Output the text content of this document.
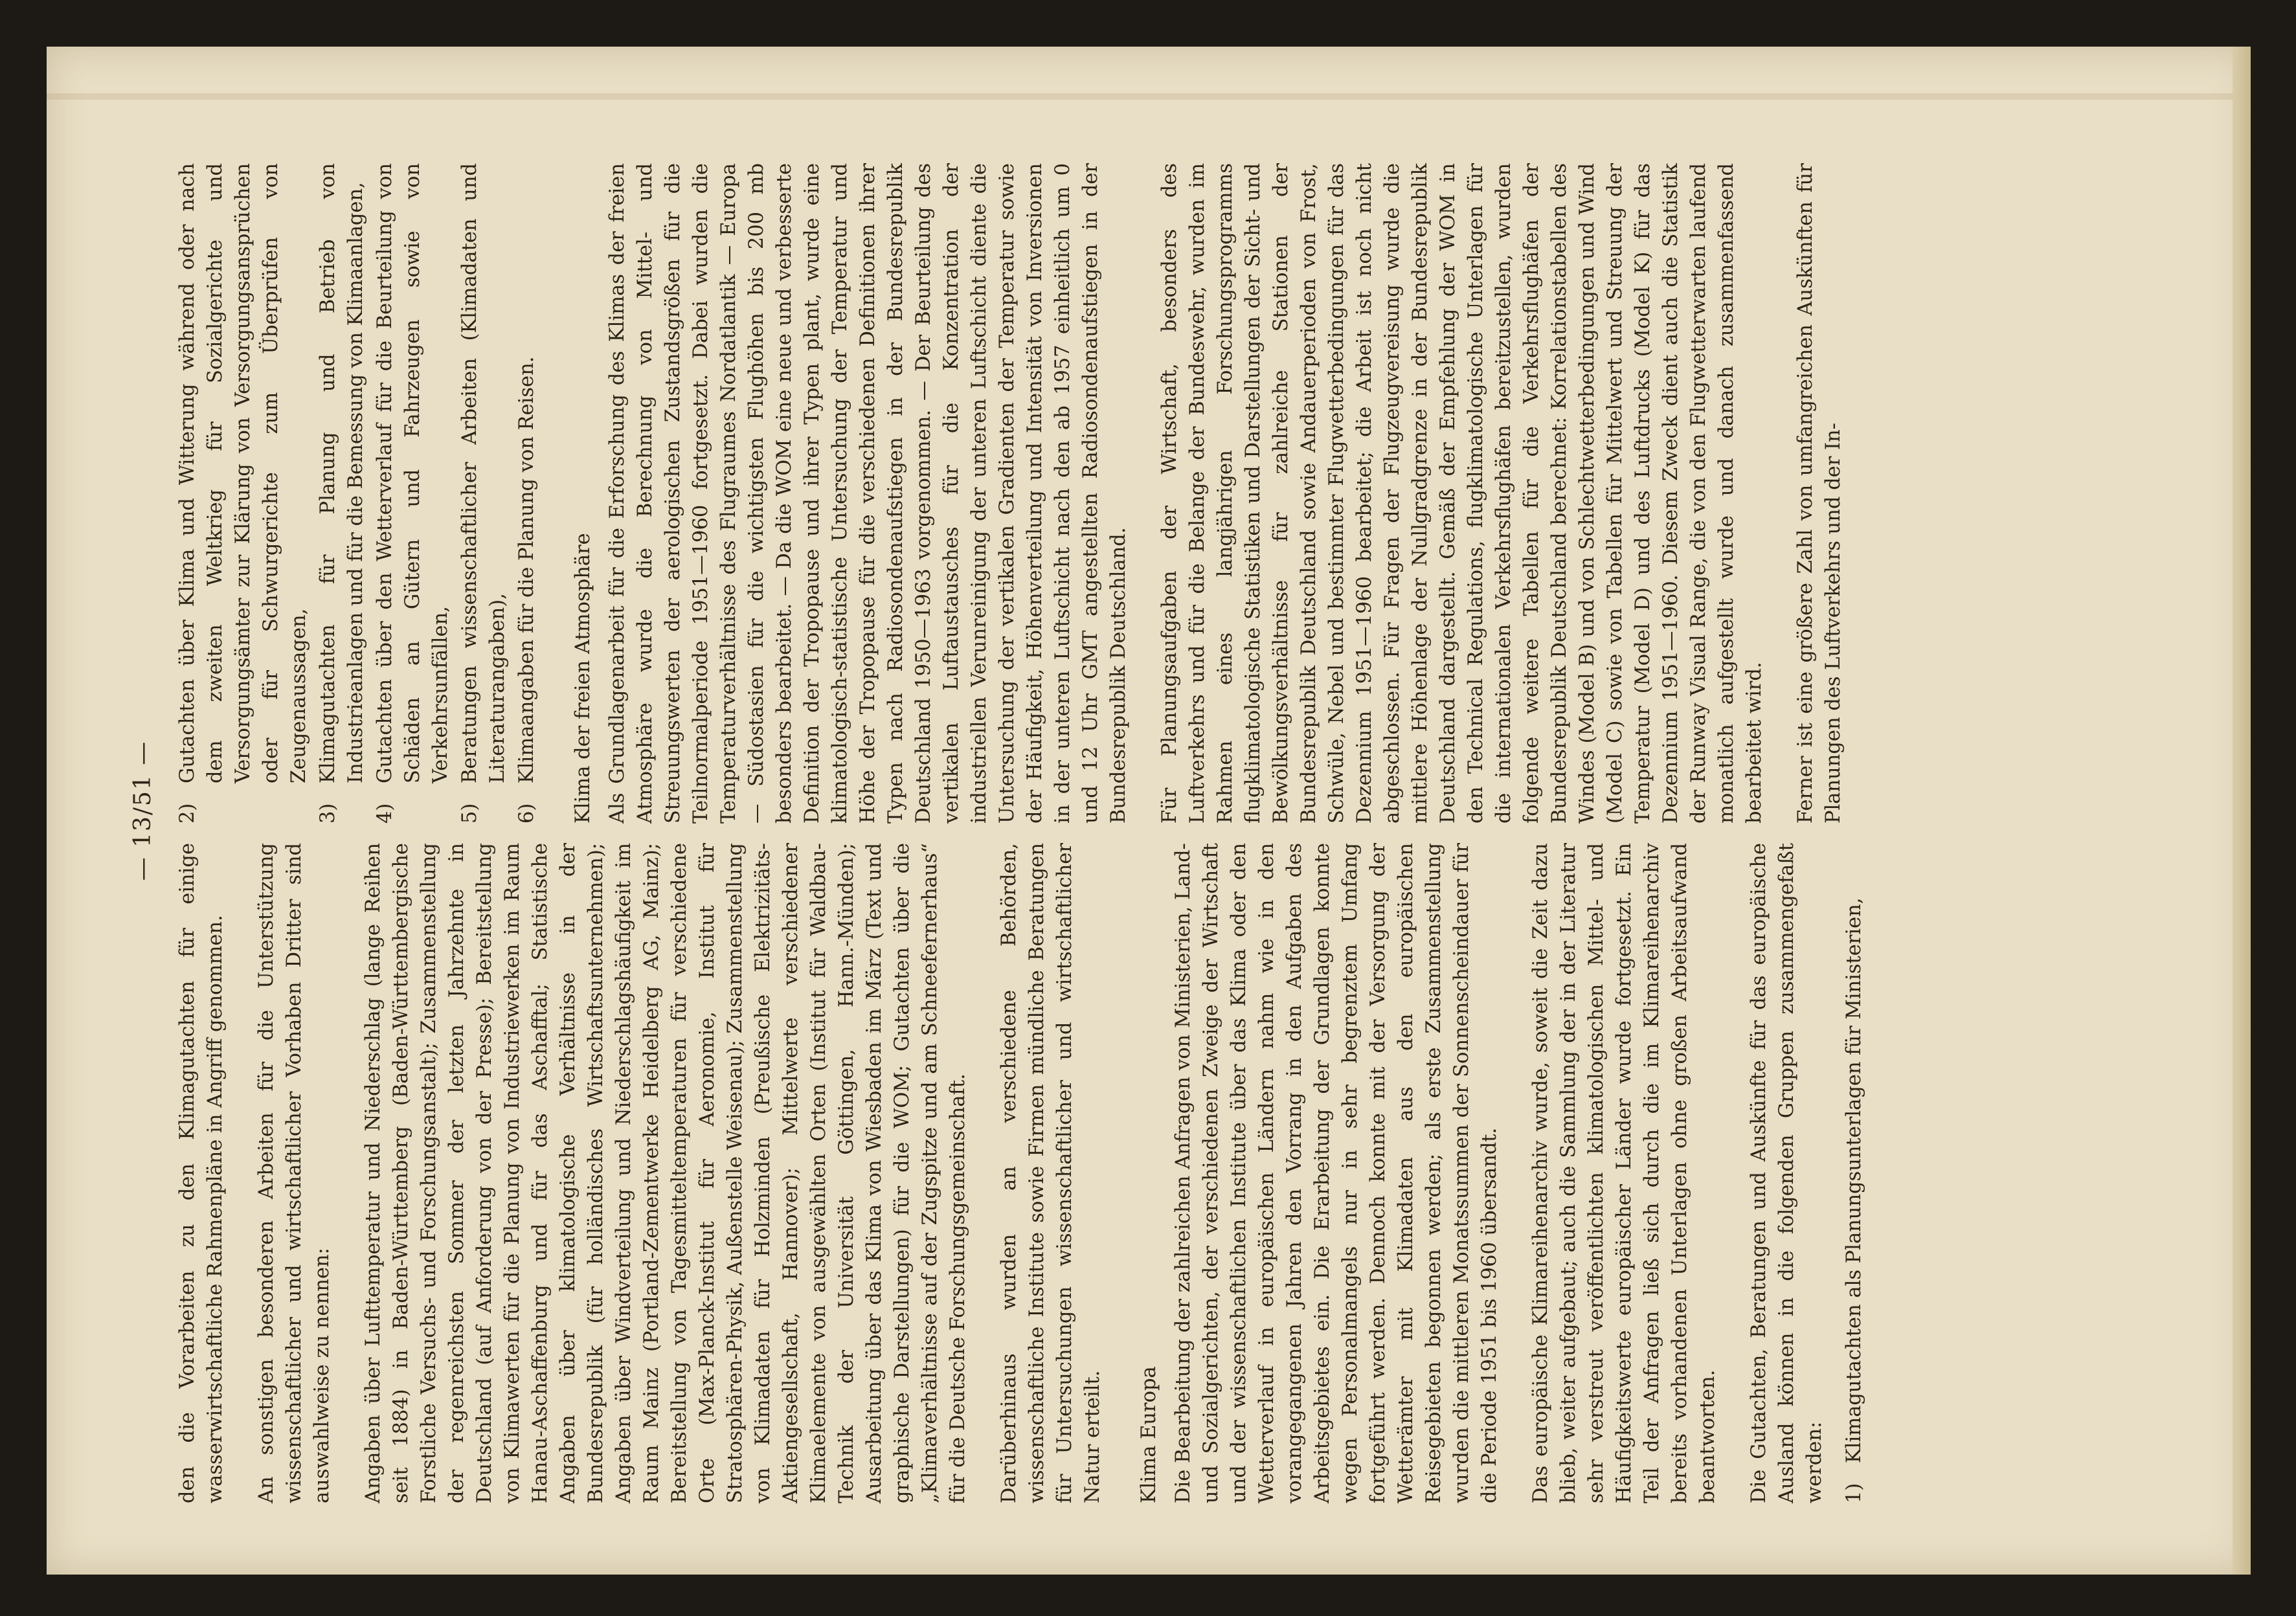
— 13/51 —

den die Vorarbeiten zu den Klimagutachten für einige wasserwirtschaftliche Rahmenpläne in Angriff genommen. An sonstigen besonderen Arbeiten für die Unterstützung wissenschaftlicher und wirtschaftlicher Vorhaben Dritter sind auswahlweise zu nennen: Angaben über Lufttemperatur und Niederschlag (lange Reihen seit 1884) in Baden-Württemberg (Baden-Württembergische Forstliche Versuchs- und Forschungsanstalt); Zusammenstellung der regenreichsten Sommer der letzten Jahrzehnte in Deutschland (auf Anforderung von der Presse); Bereitstellung von Klimawerten für die Planung von Industriewerken im Raum Hanau-Aschaffenburg und für das Aschafftal; Statistische Angaben über klimatologische Verhältnisse in der Bundesrepublik (für holländisches Wirtschaftsunternehmen); Angaben über Windverteilung und Niederschlagshäufigkeit im Raum Mainz (Portland-Zementwerke Heidelberg AG, Mainz); Bereitstellung von Tagesmitteltemperaturen für verschiedene Orte (Max-Planck-Institut für Aeronomie, Institut für Stratosphären-Physik, Außenstelle Weisenau); Zusammenstellung von Klimadaten für Holzminden (Preußische Elektrizitäts-Aktiengesellschaft, Hannover); Mittelwerte verschiedener Klimaelemente von ausgewählten Orten (Institut für Waldbau-Technik der Universität Göttingen, Hann.-Münden); Ausarbeitung über das Klima von Wiesbaden im März (Text und graphische Darstellungen) für die WOM; Gutachten über die „Klimaverhältnisse auf der Zugspitze und am Schneefernerhaus“ für die Deutsche Forschungsgemeinschaft. Darüberhinaus wurden an verschiedene Behörden, wissenschaftliche Institute sowie Firmen mündliche Beratungen für Untersuchungen wissenschaftlicher und wirtschaftlicher Natur erteilt. Klima Europa Die Bearbeitung der zahlreichen Anfragen von Ministerien, Land- und Sozialgerichten, der verschiedenen Zweige der Wirtschaft und der wissenschaftlichen Institute über das Klima oder den Wetterverlauf in europäischen Ländern nahm wie in den vorangegangenen Jahren den Vorrang in den Aufgaben des Arbeitsgebietes ein. Die Erarbeitung der Grundlagen konnte wegen Personalmangels nur in sehr begrenztem Umfang fortgeführt werden. Dennoch konnte mit der Versorgung der Wetterämter mit Klimadaten aus den europäischen Reisegebieten begonnen werden; als erste Zusammenstellung wurden die mittleren Monatssummen der Sonnenscheindauer für die Periode 1951 bis 1960 übersandt. Das europäische Klimareihenarchiv wurde, soweit die Zeit dazu blieb, weiter aufgebaut; auch die Sammlung der in der Literatur sehr verstreut veröffentlichten klimatologischen Mittel- und Häufigkeitswerte europäischer Länder wurde fortgesetzt. Ein Teil der Anfragen ließ sich durch die im Klimareihenarchiv bereits vorhandenen Unterlagen ohne großen Arbeitsaufwand beantworten. Die Gutachten, Beratungen und Auskünfte für das europäische Ausland können in die folgenden Gruppen zusammengefaßt werden: 1)
Klimagutachten als Planungsunterlagen für Ministerien,
2)
Gutachten über Klima und Witterung während oder nach dem zweiten Weltkrieg für Sozialgerichte und Versorgungsämter zur Klärung von Versorgungsansprüchen oder für Schwurgerichte zum Überprüfen von Zeugenaussagen,
3)
Klimagutachten für Planung und Betrieb von Industrieanlagen und für die Bemessung von Klimaanlagen,
4)
Gutachten über den Wetterverlauf für die Beurteilung von Schäden an Gütern und Fahrzeugen sowie von Verkehrsunfällen,
5)
Beratungen wissenschaftlicher Arbeiten (Klimadaten und Literaturangaben),
6)
Klimaangaben für die Planung von Reisen. Klima der freien Atmosphäre Als Grundlagenarbeit für die Erforschung des Klimas der freien Atmosphäre wurde die Berechnung von Mittel- und Streuungswerten der aerologischen Zustandsgrößen für die Teilnormalperiode 1951—1960 fortgesetzt. Dabei wurden die Temperaturverhältnisse des Flugraumes Nordatlantik — Europa — Südostasien für die wichtigsten Flughöhen bis 200 mb besonders bearbeitet. — Da die WOM eine neue und verbesserte Definition der Tropopause und ihrer Typen plant, wurde eine klimatologisch-statistische Untersuchung der Temperatur und Höhe der Tropopause für die verschiedenen Definitionen ihrer Typen nach Radiosondenaufstiegen in der Bundesrepublik Deutschland 1950—1963 vorgenommen. — Der Beurteilung des vertikalen Luftaustausches für die Konzentration der industriellen Verunreinigung der unteren Luftschicht diente die Untersuchung der vertikalen Gradienten der Temperatur sowie der Häufigkeit, Höhenverteilung und Intensität von Inversionen in der unteren Luftschicht nach den ab 1957 einheitlich um 0 und 12 Uhr GMT angestellten Radiosondenaufstiegen in der Bundesrepublik Deutschland. Für Planungsaufgaben der Wirtschaft, besonders des Luftverkehrs und für die Belange der Bundeswehr, wurden im Rahmen eines langjährigen Forschungsprogramms flugklimatologische Statistiken und Darstellungen der Sicht- und Bewölkungsverhältnisse für zahlreiche Stationen der Bundesrepublik Deutschland sowie Andauerperioden von Frost, Schwüle, Nebel und bestimmter Flugwetterbedingungen für das Dezennium 1951—1960 bearbeitet; die Arbeit ist noch nicht abgeschlossen. Für Fragen der Flugzeugvereisung wurde die mittlere Höhenlage der Nullgradgrenze in der Bundesrepublik Deutschland dargestellt. Gemäß der Empfehlung der WOM in den Technical Regulations, flugklimatologische Unterlagen für die internationalen Verkehrsflughäfen bereitzustellen, wurden folgende weitere Tabellen für die Verkehrsflughäfen der Bundesrepublik Deutschland berechnet: Korrelationstabellen des Windes (Model B) und von Schlechtwetterbedingungen und Wind (Model C) sowie von Tabellen für Mittelwert und Streuung der Temperatur (Model D) und des Luftdrucks (Model K) für das Dezennium 1951—1960. Diesem Zweck dient auch die Statistik der Runway Visual Range, die von den Flugwetterwarten laufend monatlich aufgestellt wurde und danach zusammenfassend bearbeitet wird. Ferner ist eine größere Zahl von umfangreichen Auskünften für Planungen des Luftverkehrs und der In-
